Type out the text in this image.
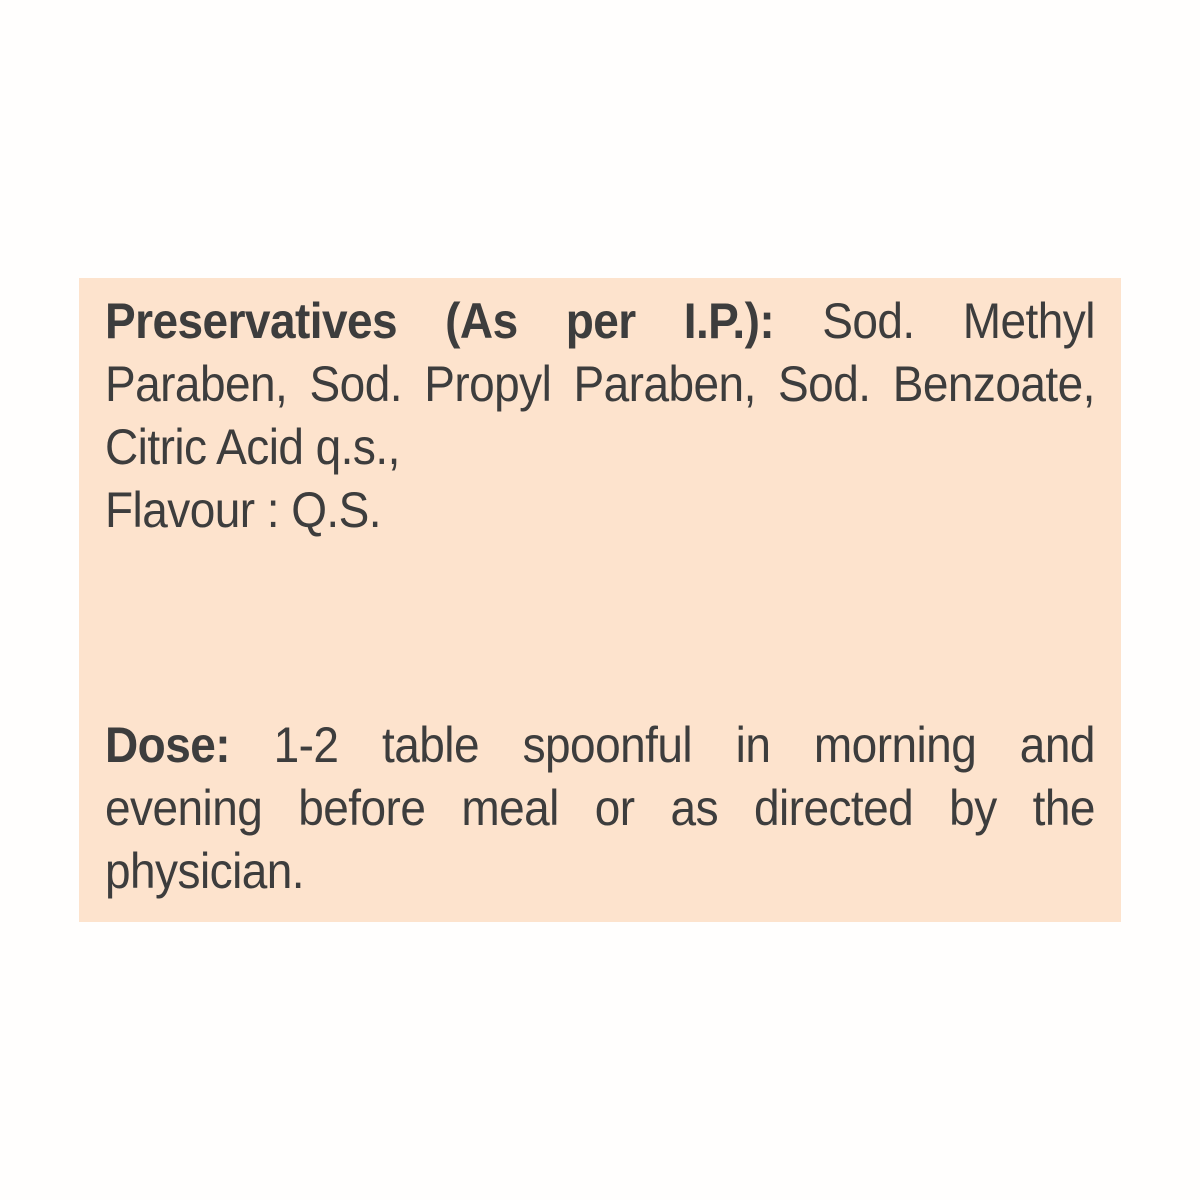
Preservatives (As per I.P.): Sod. Methyl
Paraben, Sod. Propyl Paraben, Sod. Benzoate,
Citric Acid q.s.,
Flavour : Q.S.
Dose: 1-2 table spoonful in morning and
evening before meal or as directed by the
physician.
